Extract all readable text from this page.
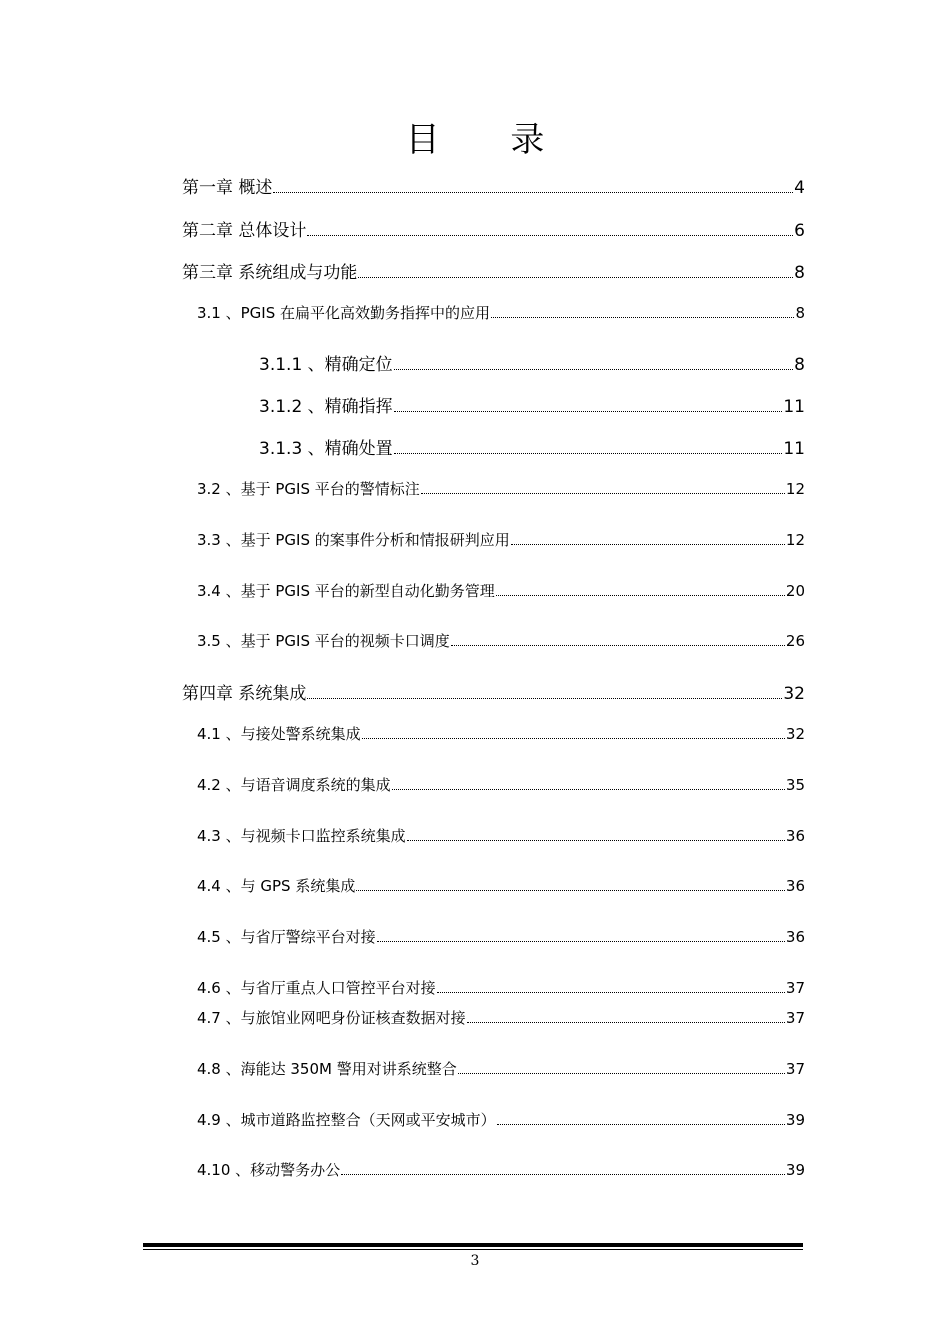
目 录
第一章 概述	4
第二章 总体设计	6
第三章 系统组成与功能	8
3.1 、PGIS 在扁平化高效勤务指挥中的应用	8
3.1.1 、精确定位	8
3.1.2 、精确指挥	11
3.1.3 、精确处置	11
3.2 、基于 PGIS 平台的警情标注	12
3.3 、基于 PGIS 的案事件分析和情报研判应用	12
3.4 、基于 PGIS 平台的新型自动化勤务管理	20
3.5 、基于 PGIS 平台的视频卡口调度	26
第四章 系统集成	32
4.1 、与接处警系统集成	32
4.2 、与语音调度系统的集成	35
4.3 、与视频卡口监控系统集成	36
4.4 、与 GPS 系统集成	36
4.5 、与省厅警综平台对接	36
4.6 、与省厅重点人口管控平台对接	37
4.7 、与旅馆业网吧身份证核查数据对接	37
4.8 、海能达 350M 警用对讲系统整合	37
4.9 、城市道路监控整合（天网或平安城市）	39
4.10 、移动警务办公	39
3
